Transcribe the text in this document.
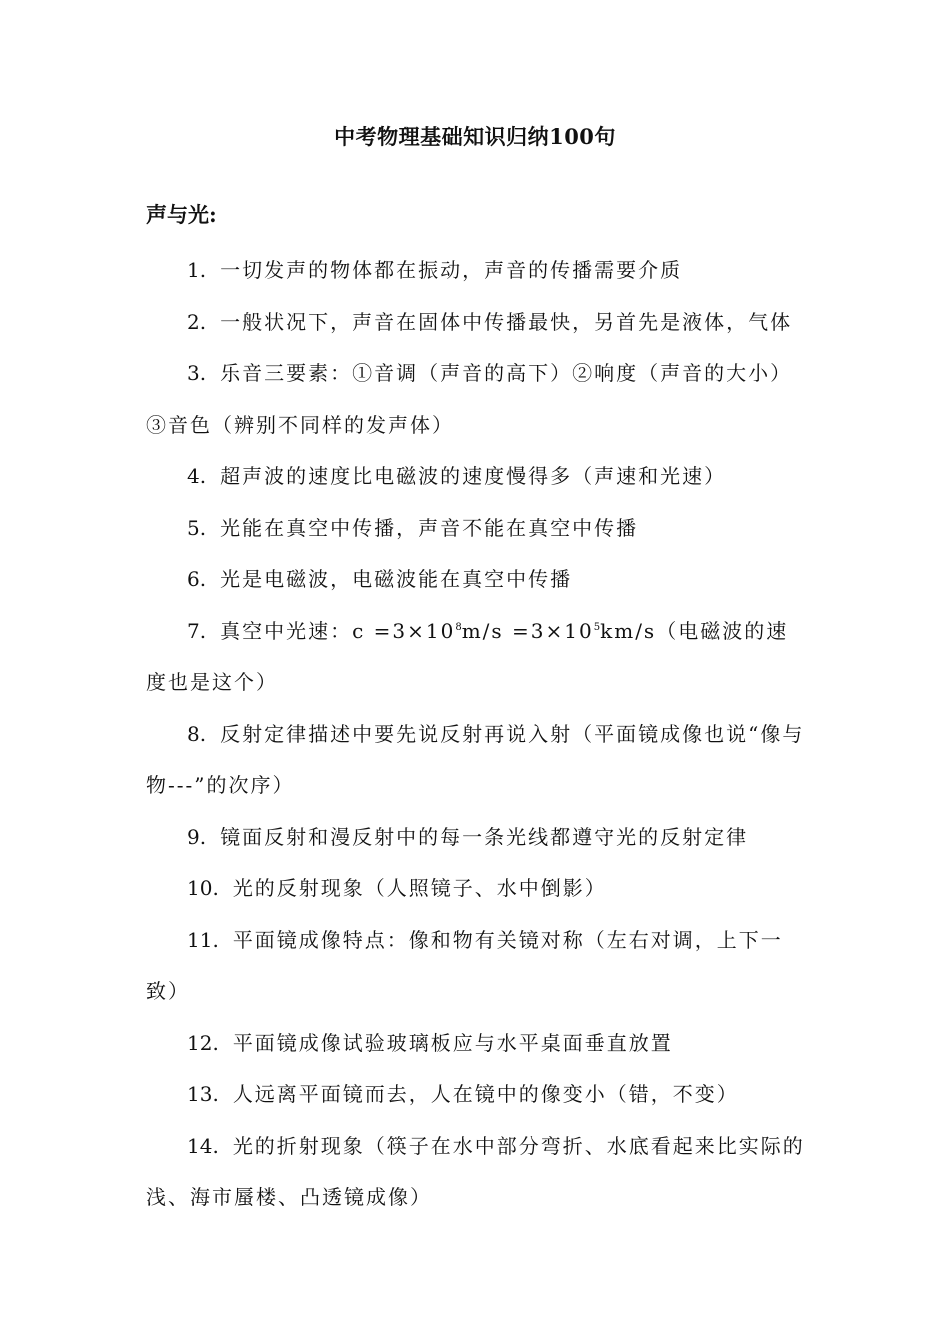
中考物理基础知识归纳100句
声与光:

1. 一切发声的物体都在振动，声音的传播需要介质

2. 一般状况下，声音在固体中传播最快，另首先是液体，气体

3. 乐音三要素：①音调（声音的高下）②响度（声音的大小）③音色（辨别不同样的发声体）

4. 超声波的速度比电磁波的速度慢得多（声速和光速）

5. 光能在真空中传播，声音不能在真空中传播

6. 光是电磁波，电磁波能在真空中传播

7. 真空中光速：$c =3\times 10^8m/s =3\times 10^5km/s$（电磁波的速度也是这个）

8. 反射定律描述中要先说反射再说入射（平面镜成像也说“像与物---”的次序）

9. 镜面反射和漫反射中的每一条光线都遵守光的反射定律

10. 光的反射现象（人照镜子、水中倒影）

11. 平面镜成像特点：像和物有关镜对称（左右对调，上下一致）

12. 平面镜成像试验玻璃板应与水平桌面垂直放置

13. 人远离平面镜而去，人在镜中的像变小（错，不变）

14. 光的折射现象（筷子在水中部分弯折、水底看起来比实际的浅、海市蜃楼、凸透镜成像）
